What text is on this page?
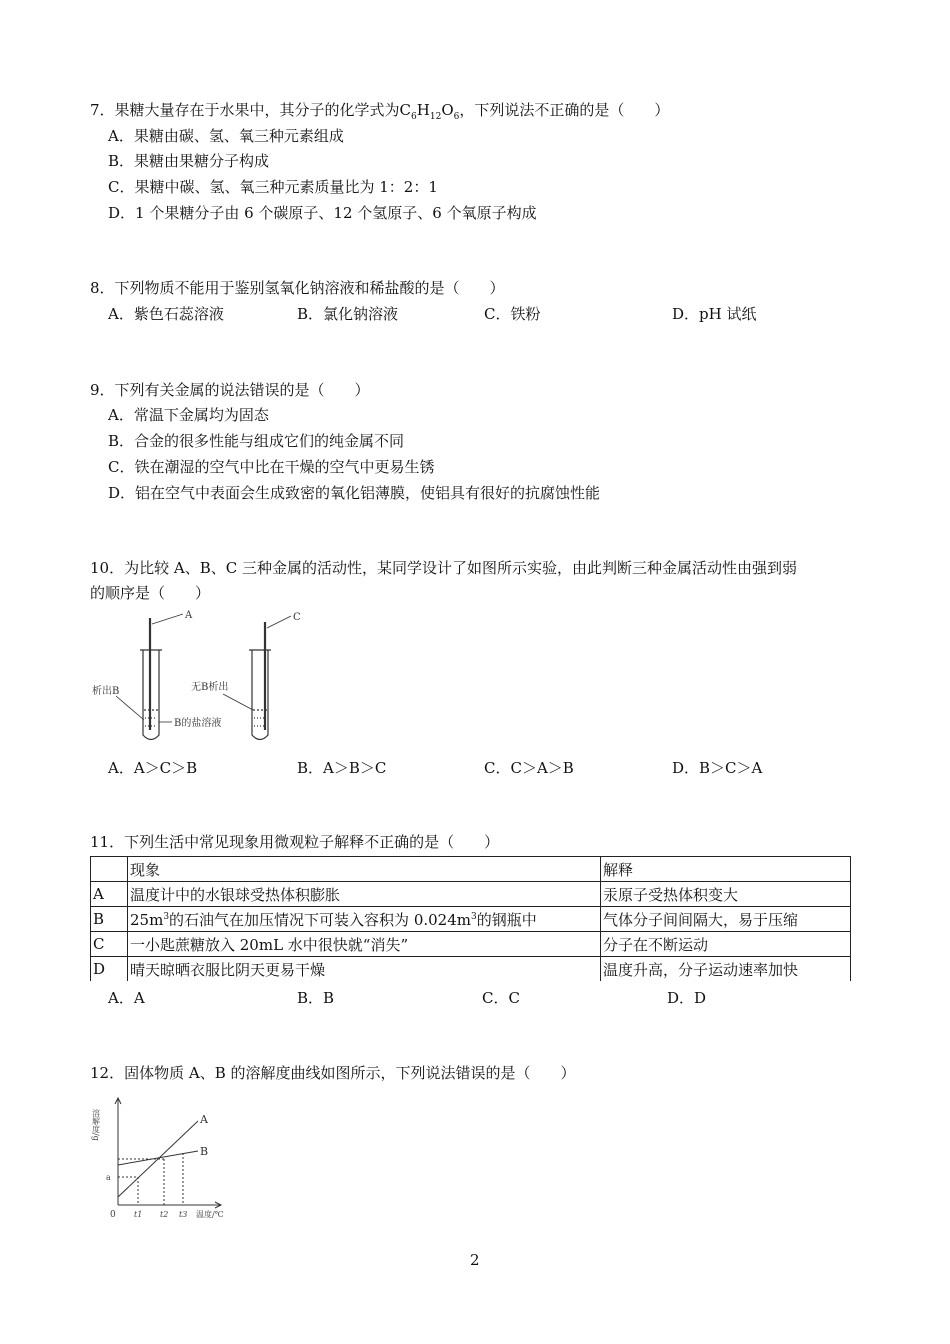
7．果糖大量存在于水果中，其分子的化学式为$C_6H_{12}O_6$，下列说法不正确的是（　　）
A．果糖由碳、氢、氧三种元素组成
B．果糖由果糖分子构成
C．果糖中碳、氢、氧三种元素质量比为 1：2：1
D．1 个果糖分子由 6 个碳原子、12 个氢原子、6 个氧原子构成
8．下列物质不能用于鉴别氢氧化钠溶液和稀盐酸的是（　　）
A．紫色石蕊溶液	B．氯化钠溶液	C．铁粉	D．pH 试纸
9．下列有关金属的说法错误的是（　　）
A．常温下金属均为固态
B．合金的很多性能与组成它们的纯金属不同
C．铁在潮湿的空气中比在干燥的空气中更易生锈
D．铝在空气中表面会生成致密的氧化铝薄膜，使铝具有很好的抗腐蚀性能
10．为比较 A、B、C 三种金属的活动性，某同学设计了如图所示实验，由此判断三种金属活动性由强到弱
的顺序是（　　）
A
析出B
B的盐溶液
C
无B析出
A．A＞C＞B	B．A＞B＞C	C．C＞A＞B	D．B＞C＞A
11．下列生活中常见现象用微观粒子解释不正确的是（　　）
	现象	解释
A	温度计中的水银球受热体积膨胀	汞原子受热体积变大
B	$25m^3$的石油气在加压情况下可装入容积为 $0.024m^3$的钢瓶中	气体分子间间隔大，易于压缩
C	一小匙蔗糖放入 20mL 水中很快就“消失”	分子在不断运动
D	晴天晾晒衣服比阴天更易干燥	温度升高，分子运动速率加快
A．A	B．B	C．C	D．D
12．固体物质 A、B 的溶解度曲线如图所示，下列说法错误的是（　　）
溶解度/g	A
B
a
0 t1 t2 t3 温度/℃
2
